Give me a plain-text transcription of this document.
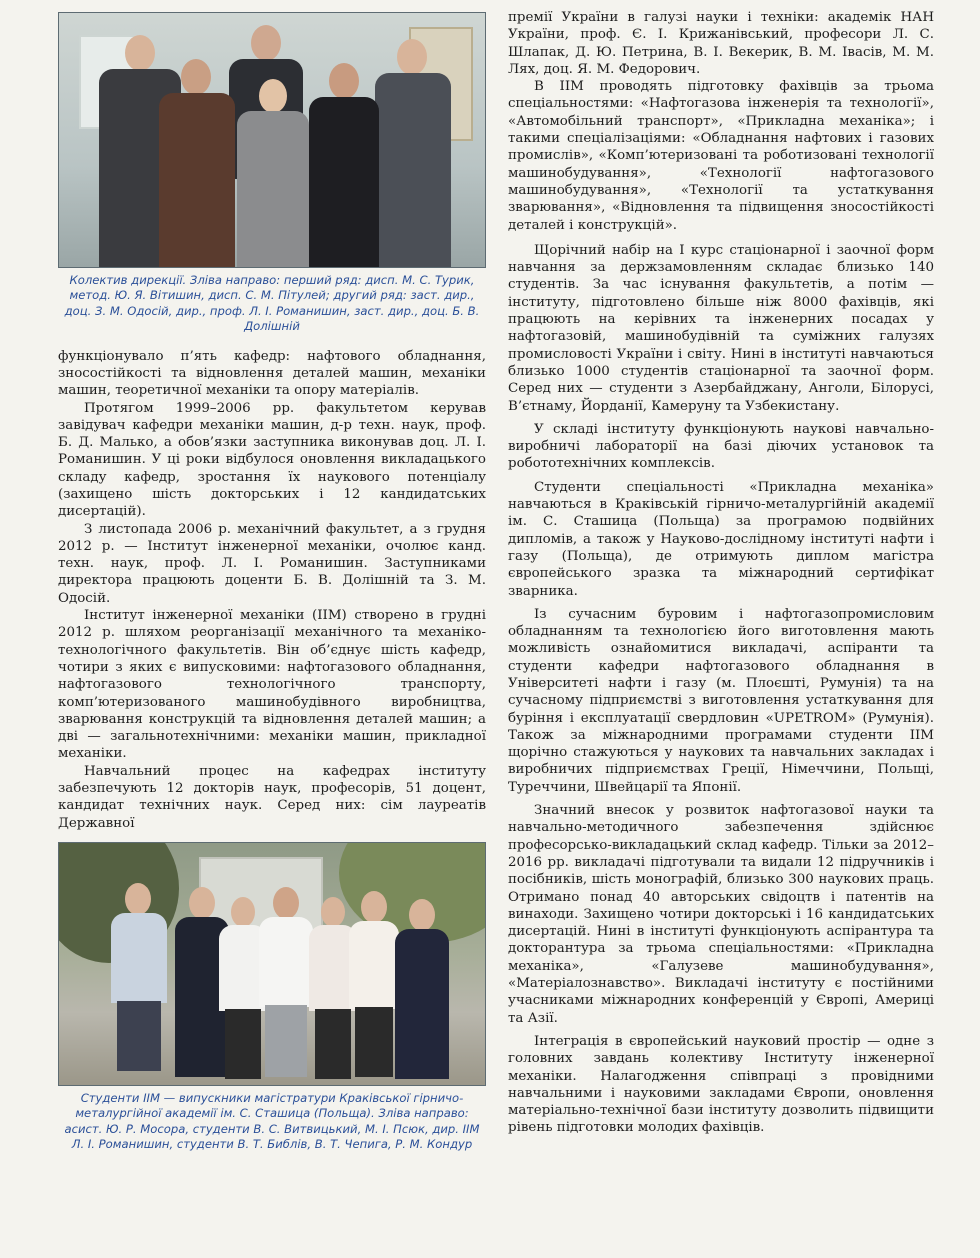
Колектив дирекції. Зліва направо: перший ряд: дисп. М. С. Турик, метод. Ю. Я. Вітишин, дисп. С. М. Пітулей; другий ряд: заст. дир., доц. З. М. Одосій, дир., проф. Л. І. Романишин, заст. дир., доц. Б. В. Долішній

функціонувало п’ять кафедр: нафтового обладнання, зносостійкості та відновлення деталей машин, механіки машин, теоретичної механіки та опору матеріалів.

Протягом 1999–2006 рр. факультетом керував завідувач кафедри механіки машин, д-р техн. наук, проф. Б. Д. Малько, а обов’язки заступника виконував доц. Л. І. Романишин. У ці роки відбулося оновлення викладацького складу кафедр, зростання їх наукового потенціалу (захищено шість докторських і 12 кандидатських дисертацій).

З листопада 2006 р. механічний факультет, а з грудня 2012 р. — Інститут інженерної механіки, очолює канд. техн. наук, проф. Л. І. Романишин. Заступниками директора працюють доценти Б. В. Долішній та З. М. Одосій.

Інститут інженерної механіки (ІІМ) створено в грудні 2012 р. шляхом реорганізації механічного та механіко-технологічного факультетів. Він об’єднує шість кафедр, чотири з яких є випусковими: нафтогазового обладнання, нафтогазового технологічного транспорту, комп’ютеризованого машинобудівного виробництва, зварювання конструкцій та відновлення деталей машин; а дві — загальнотехнічними: механіки машин, прикладної механіки.

Навчальний процес на кафедрах інституту забезпечують 12 докторів наук, професорів, 51 доцент, кандидат технічних наук. Серед них: сім лауреатів Державної

Студенти ІІМ — випускники магістратури Краківської гірничо-металургійної академії ім. С. Сташица (Польща). Зліва направо: асист. Ю. Р. Мосора, студенти В. С. Витвицький, М. І. Псюк, дир. ІІМ Л. І. Романишин, студенти В. Т. Библів, В. Т. Чепига, Р. М. Кондур

премії України в галузі науки і техніки: академік НАН України, проф. Є. І. Крижанівський, професори Л. С. Шлапак, Д. Ю. Петрина, В. І. Векерик, В. М. Івасів, М. М. Лях, доц. Я. М. Федорович.

В ІІМ проводять підготовку фахівців за трьома спеціальностями: «Нафтогазова інженерія та технології», «Автомобільний транспорт», «Прикладна механіка»; і такими спеціалізаціями: «Обладнання нафтових і газових промислів», «Комп’ютеризовані та роботизовані технології машинобудування», «Технології нафтогазового машинобудування», «Технології та устаткування зварювання», «Відновлення та підвищення зносостійкості деталей і конструкцій».

Щорічний набір на І курс стаціонарної і заочної форм навчання за держзамовленням складає близько 140 студентів. За час існування факультетів, а потім — інституту, підготовлено більше ніж 8000 фахівців, які працюють на керівних та інженерних посадах у нафтогазовій, машинобудівній та суміжних галузях промисловості України і світу. Нині в інституті навчаються близько 1000 студентів стаціонарної та заочної форм. Серед них — студенти з Азербайджану, Анголи, Білорусі, В’єтнаму, Йорданії, Камеруну та Узбекистану.

У складі інституту функціонують наукові навчально-виробничі лабораторії на базі діючих установок та робототехнічних комплексів.

Студенти спеціальності «Прикладна механіка» навчаються в Краківській гірничо-металургійній академії ім. С. Сташица (Польща) за програмою подвійних дипломів, а також у Науково-дослідному інституті нафти і газу (Польща), де отримують диплом магістра європейського зразка та міжнародний сертифікат зварника.

Із сучасним буровим і нафтогазопромисловим обладнанням та технологією його виготовлення мають можливість ознайомитися викладачі, аспіранти та студенти кафедри нафтогазового обладнання в Університеті нафти і газу (м. Плоєшті, Румунія) та на сучасному підприємстві з виготовлення устаткування для буріння і експлуатації свердловин «UPETROM» (Румунія). Також за міжнародними програмами студенти ІІМ щорічно стажуються у наукових та навчальних закладах і виробничих підприємствах Греції, Німеччини, Польщі, Туреччини, Швейцарії та Японії.

Значний внесок у розвиток нафтогазової науки та навчально-методичного забезпечення здійснює професорсько-викладацький склад кафедр. Тільки за 2012–2016 рр. викладачі підготували та видали 12 підручників і посібників, шість монографій, близько 300 наукових праць. Отримано понад 40 авторських свідоцтв і патентів на винаходи. Захищено чотири докторські і 16 кандидатських дисертацій. Нині в інституті функціонують аспірантура та докторантура за трьома спеціальностями: «Прикладна механіка», «Галузеве машинобудування», «Матеріалознавство». Викладачі інституту є постійними учасниками міжнародних конференцій у Європі, Америці та Азії.

Інтеграція в європейський науковий простір — одне з головних завдань колективу Інституту інженерної механіки. Налагодження співпраці з провідними навчальними і науковими закладами Європи, оновлення матеріально-технічної бази інституту дозволить підвищити рівень підготовки молодих фахівців.
